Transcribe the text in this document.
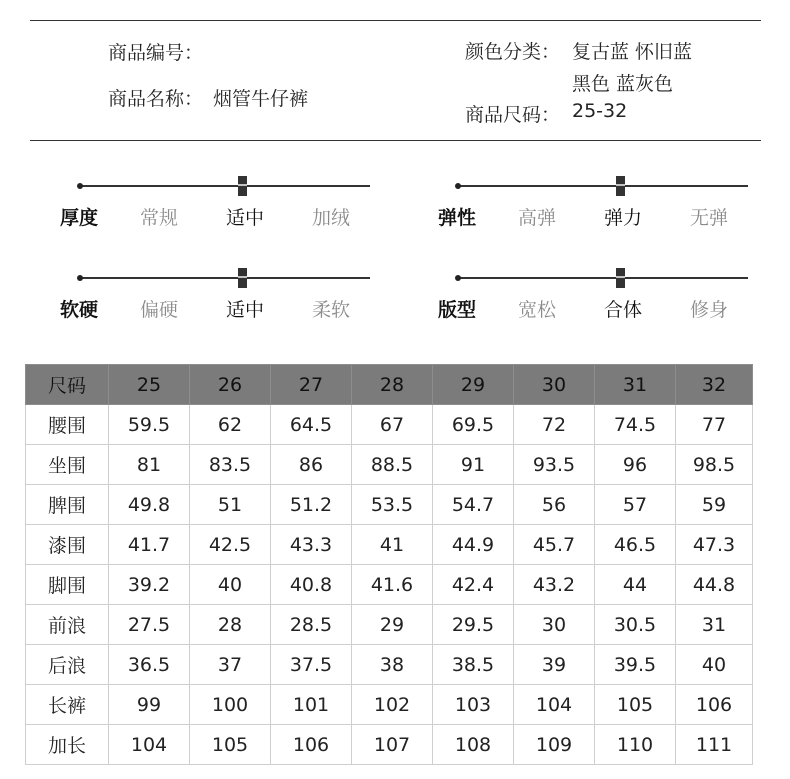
商品编号：
商品名称： 烟管牛仔裤
颜色分类： 复古蓝 怀旧蓝
黑色 蓝灰色
商品尺码： 25-32
厚度 常规	适中	加绒	弹性 高弹	弹力	无弹
软硬 偏硬	适中	柔软	版型 宽松	合体	修身
尺码	25	26	27	28	29	30	31	32
腰围	59.5	62	64.5	67	69.5	72	74.5	77
坐围	81	83.5	86	88.5	91	93.5	96	98.5
脾围	49.8	51	51.2	53.5	54.7	56	57	59
漆围	41.7	42.5	43.3	41	44.9	45.7	46.5	47.3
脚围	39.2	40	40.8	41.6	42.4	43.2	44	44.8
前浪	27.5	28	28.5	29	29.5	30	30.5	31
后浪	36.5	37	37.5	38	38.5	39	39.5	40
长裤	99	100	101	102	103	104	105	106
加长	104	105	106	107	108	109	110	111
